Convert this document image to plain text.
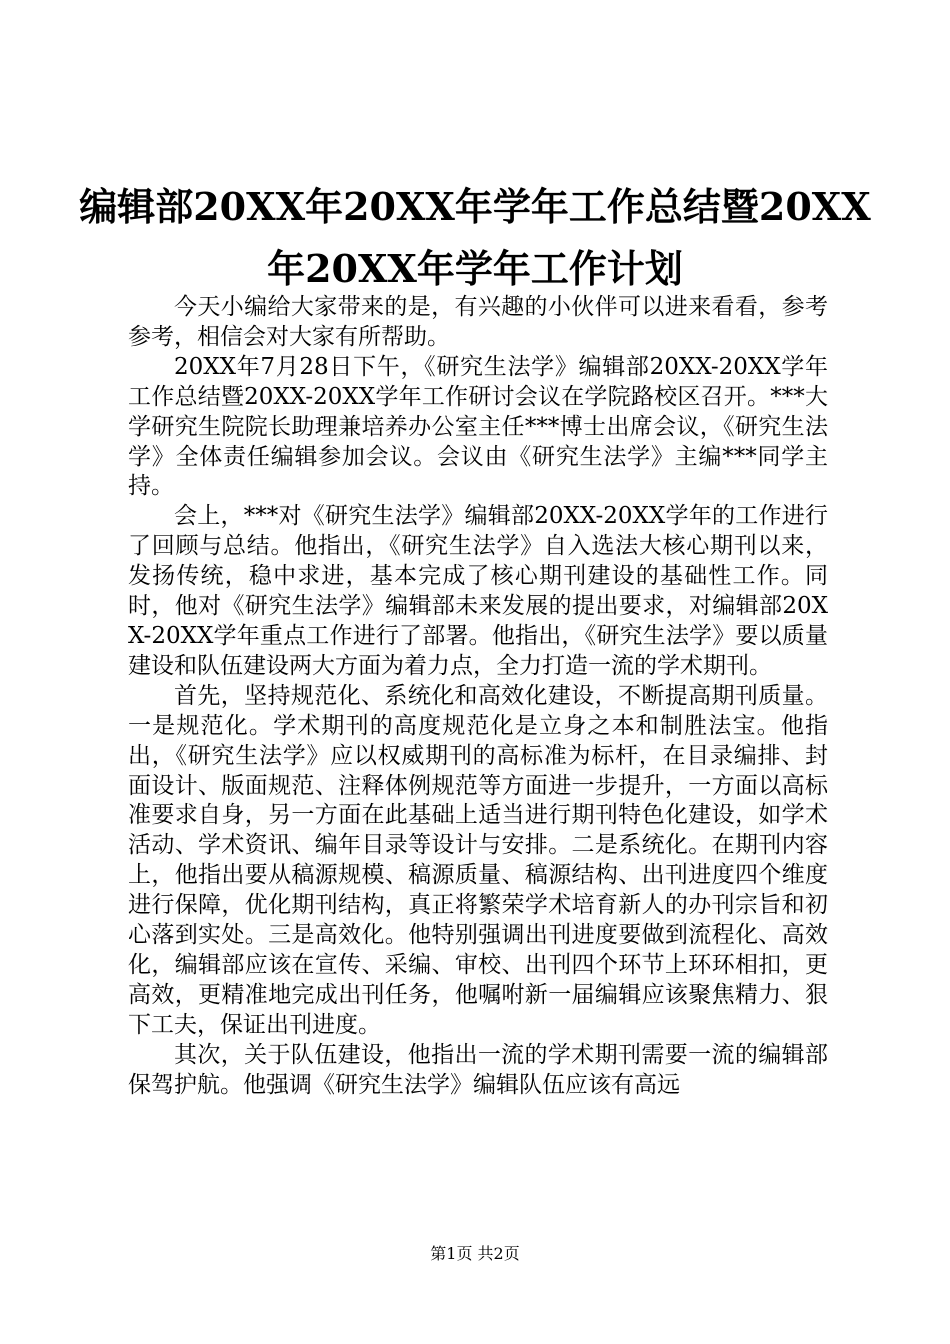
编辑部20XX年20XX年学年工作总结暨20XX
年20XX年学年工作计划

今天小编给大家带来的是，有兴趣的小伙伴可以进来看看，参考参考，相信会对大家有所帮助。

20XX年7月28日下午，《研究生法学》编辑部20XX-20XX学年工作总结暨20XX-20XX学年工作研讨会议在学院路校区召开。***大学研究生院院长助理兼培养办公室主任***博士出席会议，《研究生法学》全体责任编辑参加会议。会议由《研究生法学》主编***同学主持。

会上，***对《研究生法学》编辑部20XX-20XX学年的工作进行了回顾与总结。他指出，《研究生法学》自入选法大核心期刊以来，发扬传统，稳中求进，基本完成了核心期刊建设的基础性工作。同时，他对《研究生法学》编辑部未来发展的提出要求，对编辑部20XX-20XX学年重点工作进行了部署。他指出，《研究生法学》要以质量建设和队伍建设两大方面为着力点，全力打造一流的学术期刊。

首先，坚持规范化、系统化和高效化建设，不断提高期刊质量。一是规范化。学术期刊的高度规范化是立身之本和制胜法宝。他指出，《研究生法学》应以权威期刊的高标准为标杆，在目录编排、封面设计、版面规范、注释体例规范等方面进一步提升，一方面以高标准要求自身，另一方面在此基础上适当进行期刊特色化建设，如学术活动、学术资讯、编年目录等设计与安排。二是系统化。在期刊内容上，他指出要从稿源规模、稿源质量、稿源结构、出刊进度四个维度进行保障，优化期刊结构，真正将繁荣学术培育新人的办刊宗旨和初心落到实处。三是高效化。他特别强调出刊进度要做到流程化、高效化，编辑部应该在宣传、采编、审校、出刊四个环节上环环相扣，更高效，更精准地完成出刊任务，他嘱咐新一届编辑应该聚焦精力、狠下工夫，保证出刊进度。

其次，关于队伍建设，他指出一流的学术期刊需要一流的编辑部保驾护航。他强调《研究生法学》编辑队伍应该有高远

第1页 共2页
